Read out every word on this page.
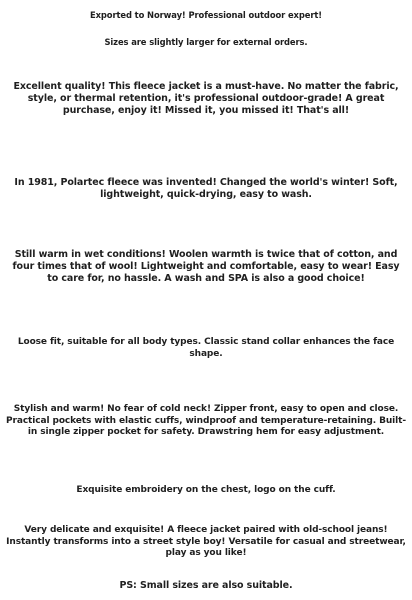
Exported to Norway! Professional outdoor expert!

Sizes are slightly larger for external orders.

Excellent quality! This fleece jacket is a must-have. No matter the fabric, style, or thermal retention, it's professional outdoor-grade! A great purchase, enjoy it! Missed it, you missed it! That's all!

In 1981, Polartec fleece was invented! Changed the world's winter! Soft, lightweight, quick-drying, easy to wash.

Still warm in wet conditions! Woolen warmth is twice that of cotton, and four times that of wool! Lightweight and comfortable, easy to wear! Easy to care for, no hassle. A wash and SPA is also a good choice!

Loose fit, suitable for all body types. Classic stand collar enhances the face shape.

Stylish and warm! No fear of cold neck! Zipper front, easy to open and close. Practical pockets with elastic cuffs, windproof and temperature-retaining. Built-in single zipper pocket for safety. Drawstring hem for easy adjustment.

Exquisite embroidery on the chest, logo on the cuff.

Very delicate and exquisite! A fleece jacket paired with old-school jeans! Instantly transforms into a street style boy! Versatile for casual and streetwear, play as you like!

PS: Small sizes are also suitable.
